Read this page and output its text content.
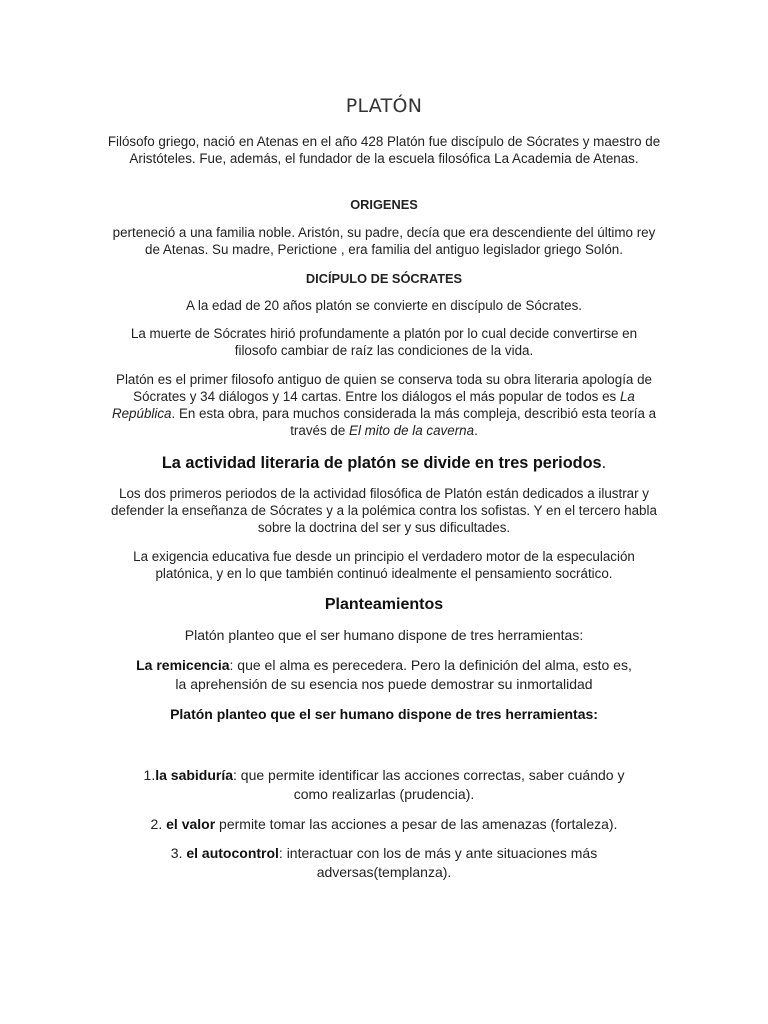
PLATÓN

Filósofo griego, nació en Atenas en el año 428 Platón fue discípulo de Sócrates y maestro de Aristóteles. Fue, además, el fundador de la escuela filosófica La Academia de Atenas.

ORIGENES

perteneció a una familia noble. Aristón, su padre, decía que era descendiente del último rey de Atenas. Su madre, Perictione , era familia del antiguo legislador griego Solón.

DICÍPULO DE SÓCRATES

A la edad de 20 años platón se convierte en discípulo de Sócrates.

La muerte de Sócrates hirió profundamente a platón por lo cual decide convertirse en filosofo cambiar de raíz las condiciones de la vida.

Platón es el primer filosofo antiguo de quien se conserva toda su obra literaria apología de Sócrates y 34 diálogos y 14 cartas. Entre los diálogos el más popular de todos es La República. En esta obra, para muchos considerada la más compleja, describió esta teoría a través de El mito de la caverna.

La actividad literaria de platón se divide en tres periodos.

Los dos primeros periodos de la actividad filosófica de Platón están dedicados a ilustrar y defender la enseñanza de Sócrates y a la polémica contra los sofistas. Y en el tercero habla sobre la doctrina del ser y sus dificultades.

La exigencia educativa fue desde un principio el verdadero motor de la especulación platónica, y en lo que también continuó idealmente el pensamiento socrático.

Planteamientos

Platón planteo que el ser humano dispone de tres herramientas:

La remicencia: que el alma es perecedera. Pero la definición del alma, esto es, la aprehensión de su esencia nos puede demostrar su inmortalidad

Platón planteo que el ser humano dispone de tres herramientas:

1.la sabiduría: que permite identificar las acciones correctas, saber cuándo y como realizarlas (prudencia).

2. el valor permite tomar las acciones a pesar de las amenazas (fortaleza).

3. el autocontrol: interactuar con los de más y ante situaciones más adversas(templanza).
